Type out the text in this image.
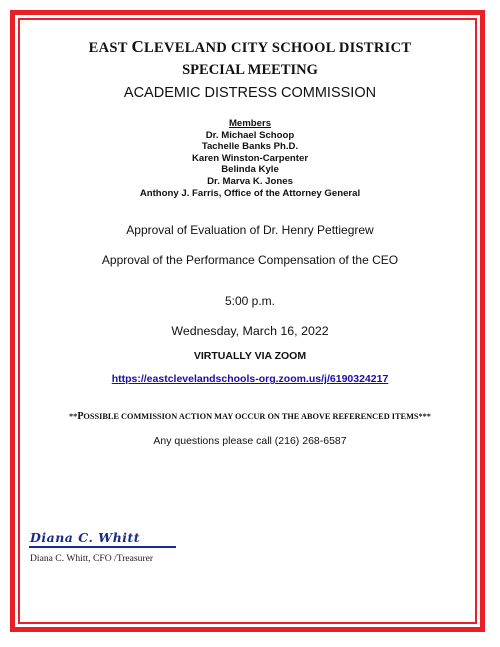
EAST CLEVELAND CITY SCHOOL DISTRICT
SPECIAL MEETING
ACADEMIC DISTRESS COMMISSION
Members
Dr. Michael Schoop
Tachelle Banks Ph.D.
Karen Winston-Carpenter
Belinda Kyle
Dr. Marva K. Jones
Anthony J. Farris, Office of the Attorney General
Approval of Evaluation of Dr. Henry Pettiegrew
Approval of the Performance Compensation of the CEO
5:00 p.m.
Wednesday, March 16, 2022
VIRTUALLY VIA ZOOM
https://eastclevelandschools-org.zoom.us/j/6190324217
**POSSIBLE COMMISSION ACTION MAY OCCUR ON THE ABOVE REFERENCED ITEMS***
Any questions please call (216) 268-6587
Diana C. Whitt
Diana C. Whitt, CFO /Treasurer
